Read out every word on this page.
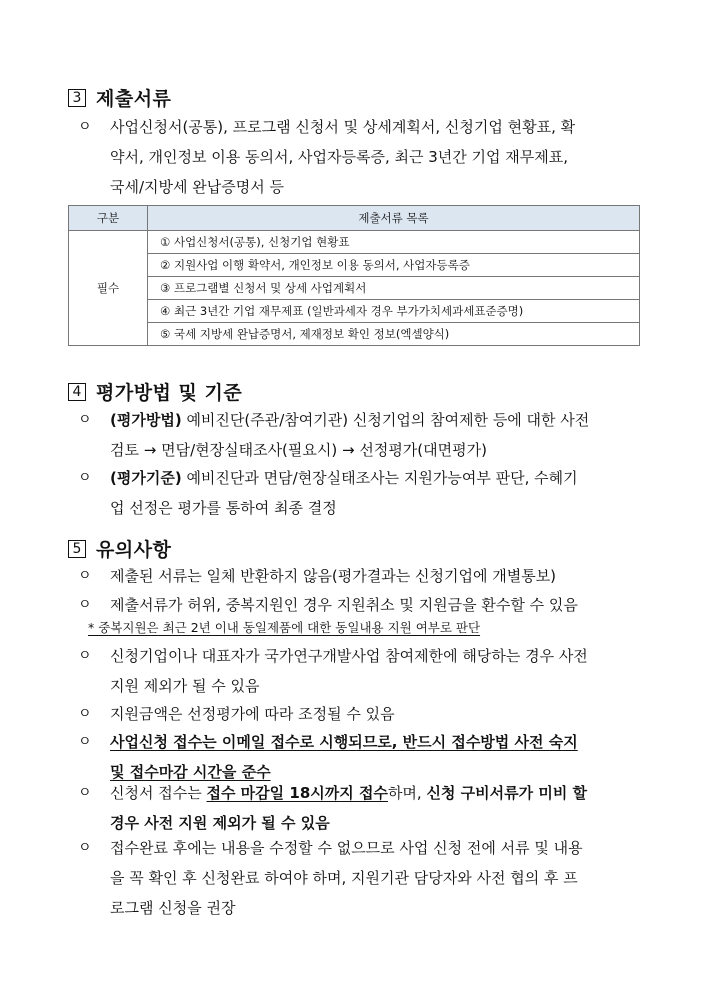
3 제출서류
ㅇ	사업신청서(공통), 프로그램 신청서 및 상세계획서, 신청기업 현황표, 확
약서, 개인정보 이용 동의서, 사업자등록증, 최근 3년간 기업 재무제표,
국세/지방세 완납증명서 등
구분	제출서류 목록
필수	① 사업신청서(공통), 신청기업 현황표
	② 지원사업 이행 확약서, 개인정보 이용 동의서, 사업자등록증
	③ 프로그램별 신청서 및 상세 사업계획서
	④ 최근 3년간 기업 재무제표 (일반과세자 경우 부가가치세과세표준증명)
	⑤ 국세 지방세 완납증명서, 제재정보 확인 정보(엑셀양식)
4 평가방법 및 기준
ㅇ	(평가방법) 예비진단(주관/참여기관) 신청기업의 참여제한 등에 대한 사전
검토 → 면담/현장실태조사(필요시) → 선정평가(대면평가)
ㅇ	(평가기준) 예비진단과 면담/현장실태조사는 지원가능여부 판단, 수혜기
업 선정은 평가를 통하여 최종 결정
5 유의사항
ㅇ	제출된 서류는 일체 반환하지 않음(평가결과는 신청기업에 개별통보)
ㅇ	제출서류가 허위, 중복지원인 경우 지원취소 및 지원금을 환수할 수 있음
* 중복지원은 최근 2년 이내 동일제품에 대한 동일내용 지원 여부로 판단
ㅇ	신청기업이나 대표자가 국가연구개발사업 참여제한에 해당하는 경우 사전
지원 제외가 될 수 있음
ㅇ	지원금액은 선정평가에 따라 조정될 수 있음
ㅇ	사업신청 접수는 이메일 접수로 시행되므로, 반드시 접수방법 사전 숙지
및 접수마감 시간을 준수
ㅇ	신청서 접수는 접수 마감일 18시까지 접수하며, 신청 구비서류가 미비 할
경우 사전 지원 제외가 될 수 있음
ㅇ	접수완료 후에는 내용을 수정할 수 없으므로 사업 신청 전에 서류 및 내용
을 꼭 확인 후 신청완료 하여야 하며, 지원기관 담당자와 사전 협의 후 프
로그램 신청을 권장
